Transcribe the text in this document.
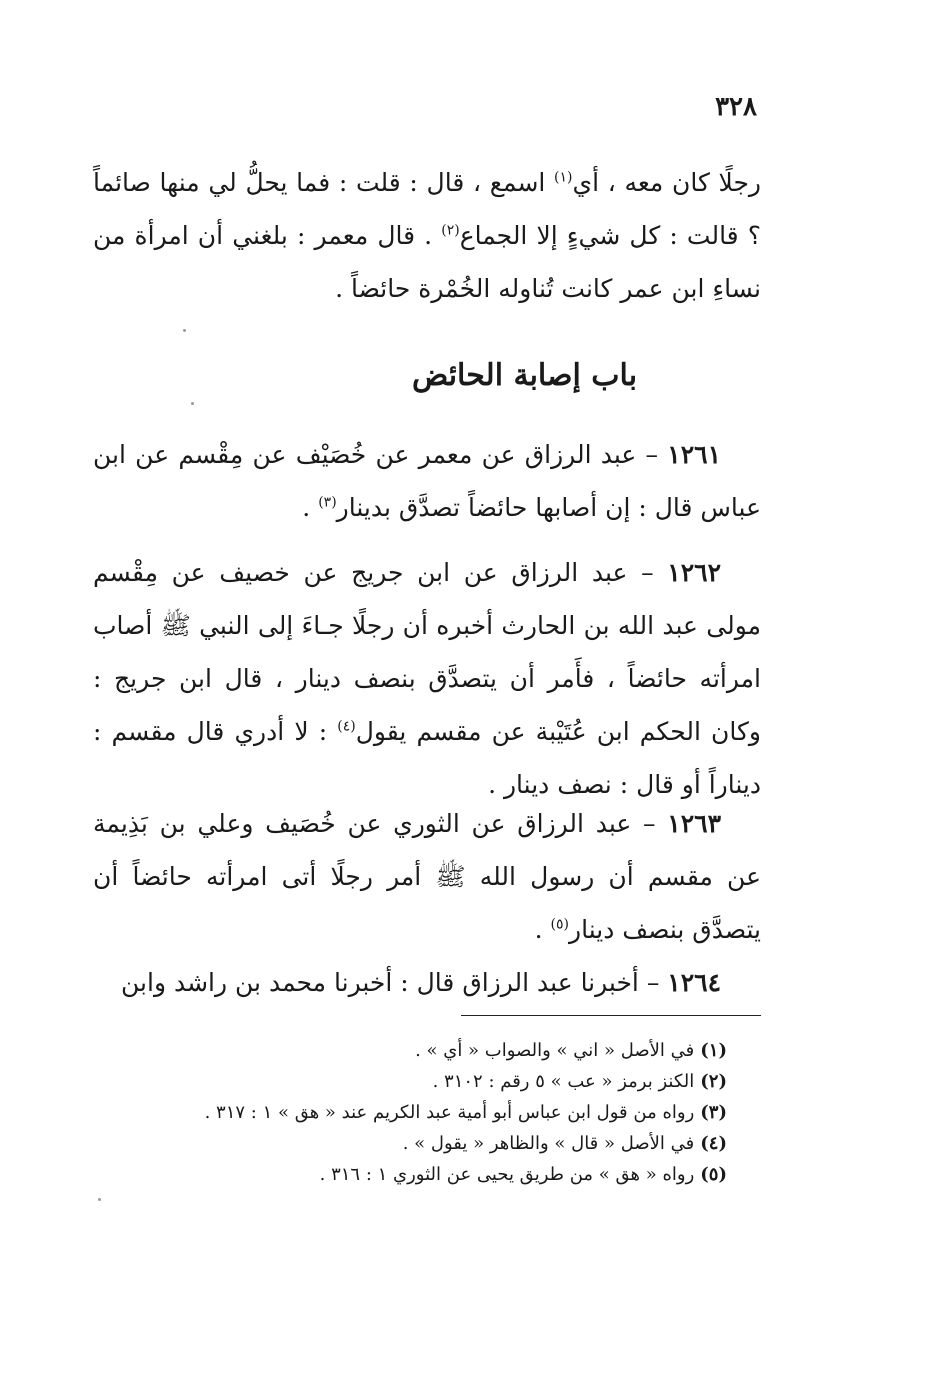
٣٢٨
رجلًا كان معه ، أي$^{(١)}$ اسمع ، قال : قلت : فما يحلُّ لي منها صائماً ؟ قالت : كل شيءٍ إلا الجماع$^{(٢)}$ . قال معمر : بلغني أن امرأة من نساءِ ابن عمر كانت تُناوله الخُمْرة حائضاً .
باب إصابة الحائض

١٢٦١ – عبد الرزاق عن معمر عن خُصَيْف عن مِقْسم عن ابن عباس قال : إن أصابها حائضاً تصدَّق بدينار$^{(٣)}$ .

١٢٦٢ – عبد الرزاق عن ابن جريج عن خصيف عن مِقْسم مولى عبد الله بن الحارث أخبره أن رجلًا جـاءَ إلى النبي ﷺ أصاب امرأته حائضاً ، فأَمر أن يتصدَّق بنصف دينار ، قال ابن جريج : وكان الحكم ابن عُتَيْبة عن مقسم يقول$^{(٤)}$ : لا أدري قال مقسم : ديناراً أو قال : نصف دينار .

١٢٦٣ – عبد الرزاق عن الثوري عن خُصَيف وعلي بن بَذِيمة عن مقسم أن رسول الله ﷺ أمر رجلًا أتى امرأته حائضاً أن يتصدَّق بنصف دينار$^{(٥)}$ .

١٢٦٤ – أخبرنا عبد الرزاق قال : أخبرنا محمد بن راشد وابن

(١)في الأصل « اني » والصواب « أي » .
(٢)الكنز برمز « عب » ٥ رقم : ٣١٠٢ .
(٣)رواه من قول ابن عباس أبو أمية عبد الكريم عند « هق » ١ : ٣١٧ .
(٤)في الأصل « قال » والظاهر « يقول » .
(٥)رواه « هق » من طريق يحيى عن الثوري ١ : ٣١٦ .
